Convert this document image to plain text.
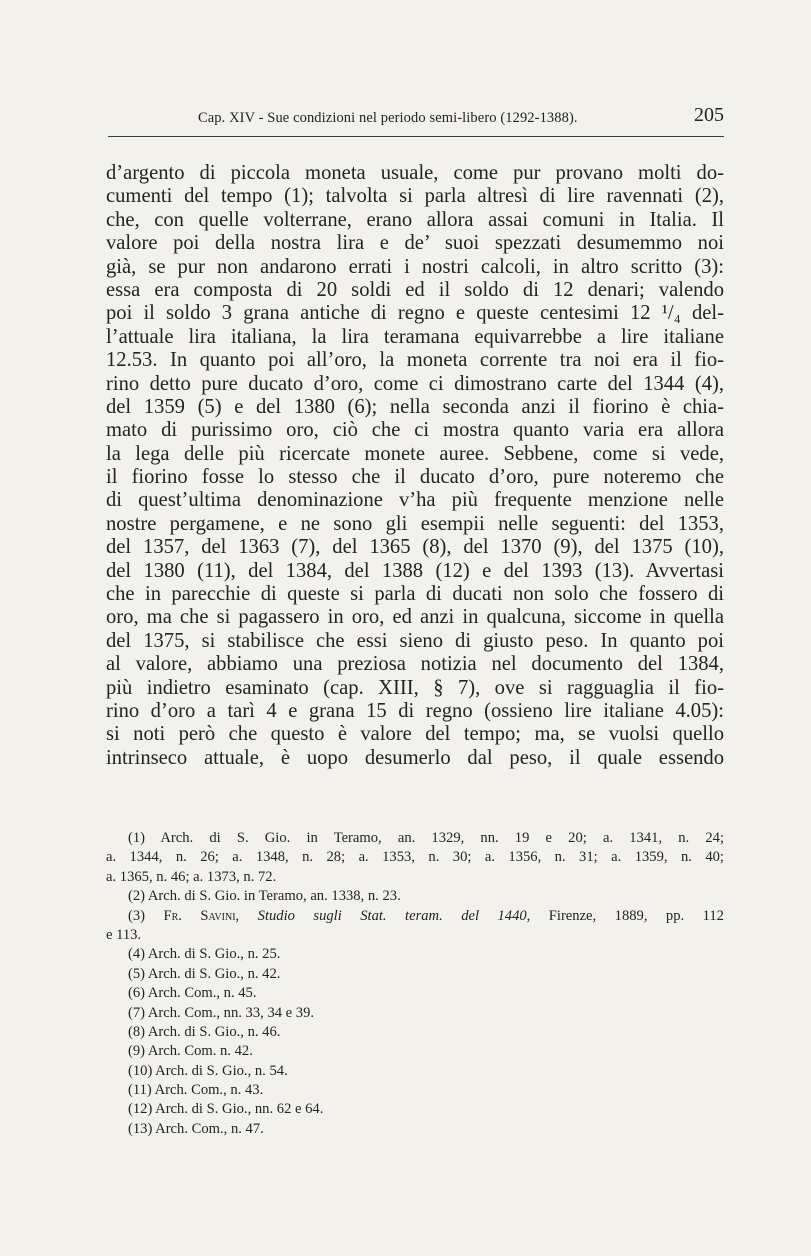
Cap. XIV - Sue condizioni nel periodo semi-libero (1292-1388).	205
d’argento di piccola moneta usuale, come pur provano molti do-
cumenti del tempo (1); talvolta si parla altresì di lire ravennati (2),
che, con quelle volterrane, erano allora assai comuni in Italia. Il
valore poi della nostra lira e de’ suoi spezzati desumemmo noi
già, se pur non andarono errati i nostri calcoli, in altro scritto (3):
essa era composta di 20 soldi ed il soldo di 12 denari; valendo
poi il soldo 3 grana antiche di regno e queste centesimi 12 ¹/₄ del-
l’attuale lira italiana, la lira teramana equivarrebbe a lire italiane
12.53. In quanto poi all’oro, la moneta corrente tra noi era il fio-
rino detto pure ducato d’oro, come ci dimostrano carte del 1344 (4),
del 1359 (5) e del 1380 (6); nella seconda anzi il fiorino è chia-
mato di purissimo oro, ciò che ci mostra quanto varia era allora
la lega delle più ricercate monete auree. Sebbene, come si vede,
il fiorino fosse lo stesso che il ducato d’oro, pure noteremo che
di quest’ultima denominazione v’ha più frequente menzione nelle
nostre pergamene, e ne sono gli esempii nelle seguenti: del 1353,
del 1357, del 1363 (7), del 1365 (8), del 1370 (9), del 1375 (10),
del 1380 (11), del 1384, del 1388 (12) e del 1393 (13). Avvertasi
che in parecchie di queste si parla di ducati non solo che fossero di
oro, ma che si pagassero in oro, ed anzi in qualcuna, siccome in quella
del 1375, si stabilisce che essi sieno di giusto peso. In quanto poi
al valore, abbiamo una preziosa notizia nel documento del 1384,
più indietro esaminato (cap. XIII, § 7), ove si ragguaglia il fio-
rino d’oro a tarì 4 e grana 15 di regno (ossieno lire italiane 4.05):
si noti però che questo è valore del tempo; ma, se vuolsi quello
intrinseco attuale, è uopo desumerlo dal peso, il quale essendo
(1) Arch. di S. Gio. in Teramo, an. 1329, nn. 19 e 20; a. 1341, n. 24;
a. 1344, n. 26; a. 1348, n. 28; a. 1353, n. 30; a. 1356, n. 31; a. 1359, n. 40;
a. 1365, n. 46; a. 1373, n. 72.
(2) Arch. di S. Gio. in Teramo, an. 1338, n. 23.
(3) Fr. Savini, Studio sugli Stat. teram. del 1440, Firenze, 1889, pp. 112
e 113.
(4) Arch. di S. Gio., n. 25.
(5) Arch. di S. Gio., n. 42.
(6) Arch. Com., n. 45.
(7) Arch. Com., nn. 33, 34 e 39.
(8) Arch. di S. Gio., n. 46.
(9) Arch. Com. n. 42.
(10) Arch. di S. Gio., n. 54.
(11) Arch. Com., n. 43.
(12) Arch. di S. Gio., nn. 62 e 64.
(13) Arch. Com., n. 47.
